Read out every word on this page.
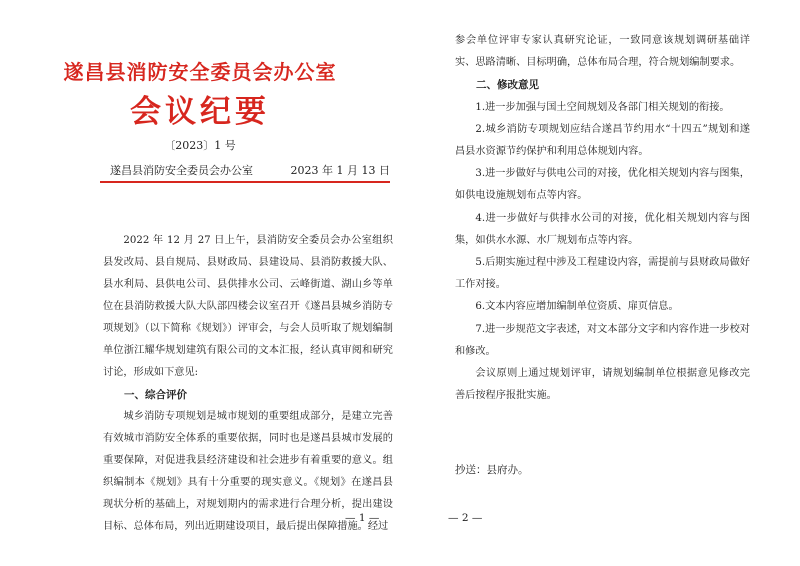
遂昌县消防安全委员会办公室
会议纪要
〔2023〕1 号
遂昌县消防安全委员会办公室	2023 年 1 月 13 日

2022 年 12 月 27 日上午，县消防安全委员会办公室组织县发改局、县自规局、县财政局、县建设局、县消防救援大队、县水利局、县供电公司、县供排水公司、云峰街道、湖山乡等单位在县消防救援大队大队部四楼会议室召开《遂昌县城乡消防专项规划》（以下简称《规划》）评审会，与会人员听取了规划编制单位浙江耀华规划建筑有限公司的文本汇报，经认真审阅和研究讨论，形成如下意见:

一、综合评价

城乡消防专项规划是城市规划的重要组成部分，是建立完善有效城市消防安全体系的重要依据，同时也是遂昌县城市发展的重要保障，对促进我县经济建设和社会进步有着重要的意义。组织编制本《规划》具有十分重要的现实意义。《规划》在遂昌县现状分析的基础上，对规划期内的需求进行合理分析，提出建设目标、总体布局，列出近期建设项目，最后提出保障措施。经过

— 1 —

参会单位评审专家认真研究论证，一致同意该规划调研基础详实、思路清晰、目标明确，总体布局合理，符合规划编制要求。

二、修改意见

1.进一步加强与国土空间规划及各部门相关规划的衔接。

2.城乡消防专项规划应结合遂昌节约用水“十四五”规划和遂昌县水资源节约保护和利用总体规划内容。

3.进一步做好与供电公司的对接，优化相关规划内容与图集，如供电设施规划布点等内容。

4.进一步做好与供排水公司的对接，优化相关规划内容与图集，如供水水源、水厂规划布点等内容。

5.后期实施过程中涉及工程建设内容，需提前与县财政局做好工作对接。

6.文本内容应增加编制单位资质、扉页信息。

7.进一步规范文字表述，对文本部分文字和内容作进一步校对和修改。

会议原则上通过规划评审，请规划编制单位根据意见修改完善后按程序报批实施。

抄送：县府办。
— 2 —
